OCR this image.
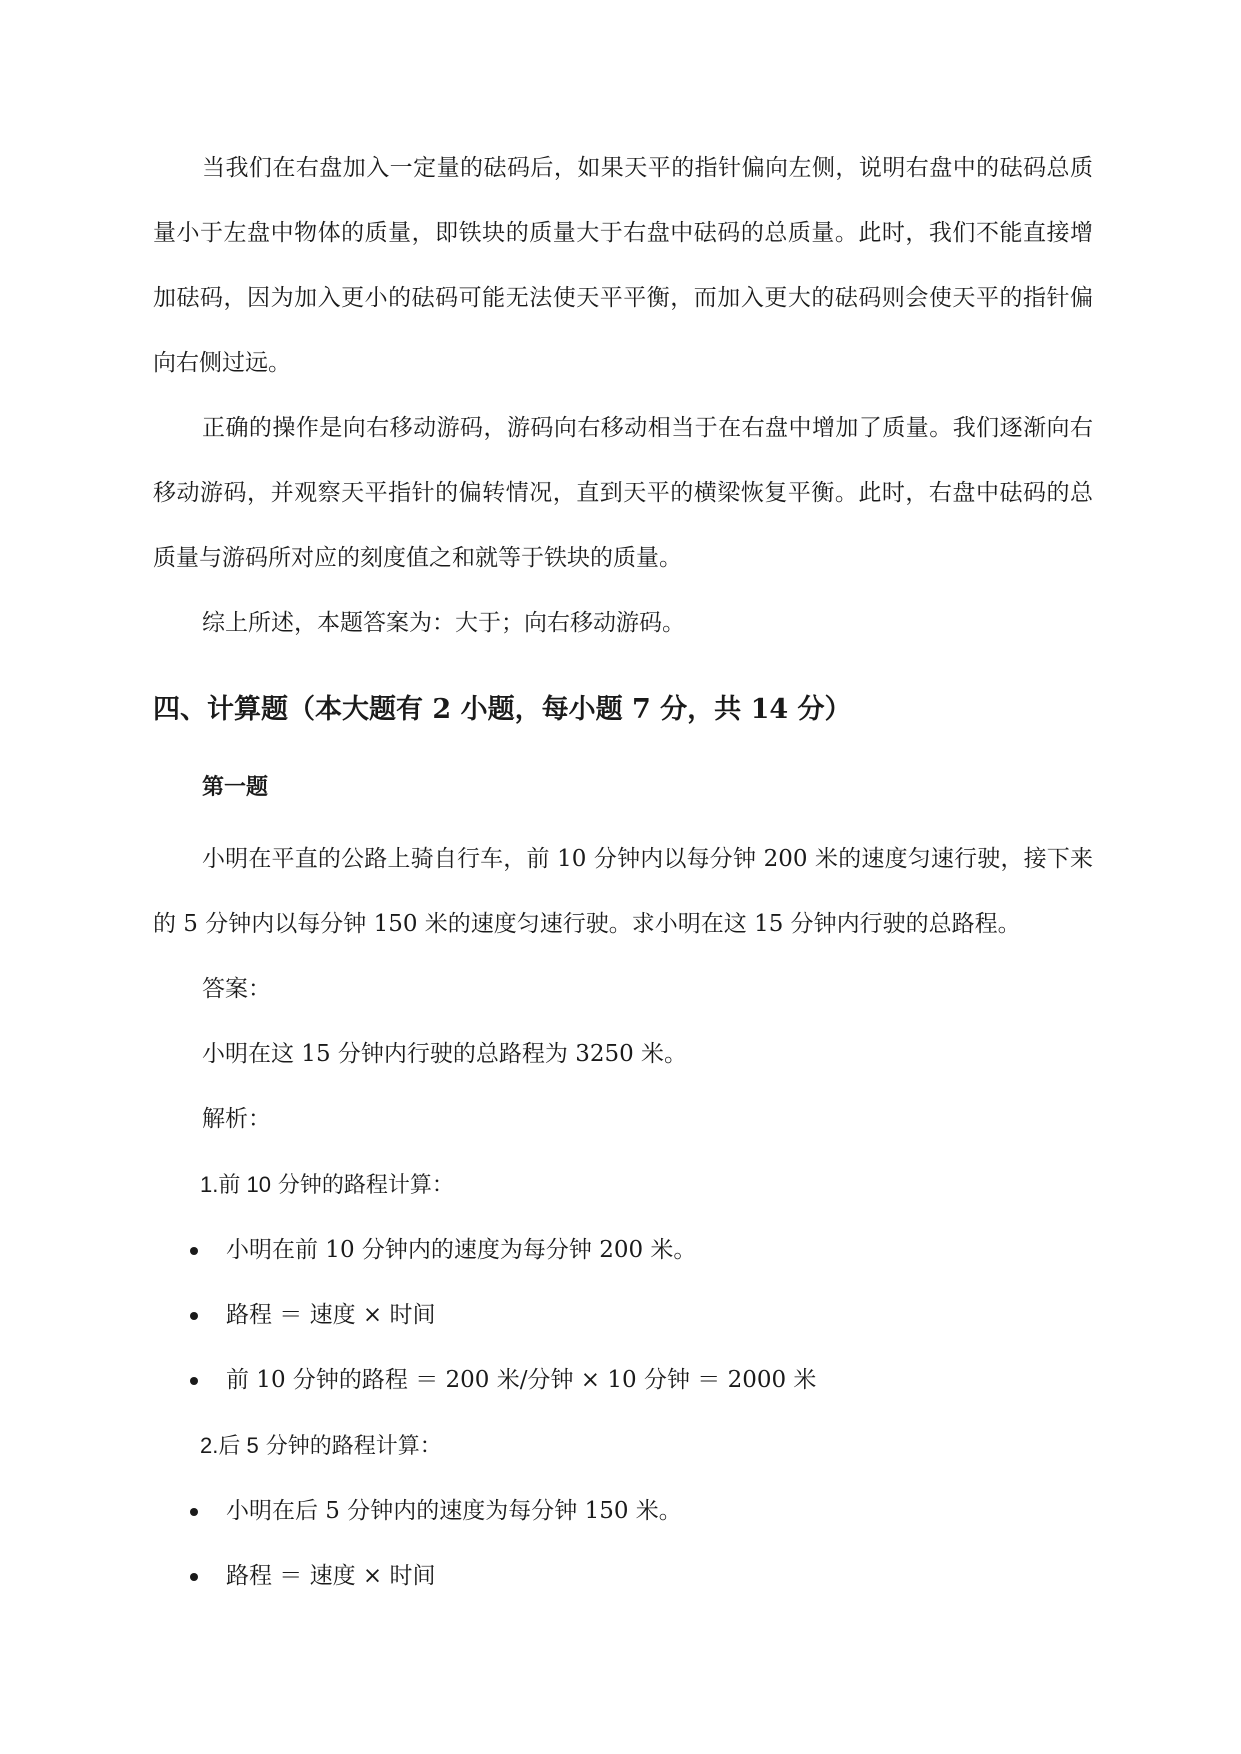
当我们在右盘加入一定量的砝码后，如果天平的指针偏向左侧，说明右盘中的砝码总质量小于左盘中物体的质量，即铁块的质量大于右盘中砝码的总质量。此时，我们不能直接增加砝码，因为加入更小的砝码可能无法使天平平衡，而加入更大的砝码则会使天平的指针偏向右侧过远。

正确的操作是向右移动游码，游码向右移动相当于在右盘中增加了质量。我们逐渐向右移动游码，并观察天平指针的偏转情况，直到天平的横梁恢复平衡。此时，右盘中砝码的总质量与游码所对应的刻度值之和就等于铁块的质量。

综上所述，本题答案为：大于；向右移动游码。

四、计算题（本大题有 2 小题，每小题 7 分，共 14 分）
第一题

小明在平直的公路上骑自行车，前 10 分钟内以每分钟 200 米的速度匀速行驶，接下来的 5 分钟内以每分钟 150 米的速度匀速行驶。求小明在这 15 分钟内行驶的总路程。

答案：

小明在这 15 分钟内行驶的总路程为 3250 米。

解析：

1.前 10 分钟的路程计算：

小明在前 10 分钟内的速度为每分钟 200 米。
路程 ＝ 速度 × 时间
前 10 分钟的路程 ＝ 200 米/分钟 × 10 分钟 ＝ 2000 米

2.后 5 分钟的路程计算：

小明在后 5 分钟内的速度为每分钟 150 米。
路程 ＝ 速度 × 时间
